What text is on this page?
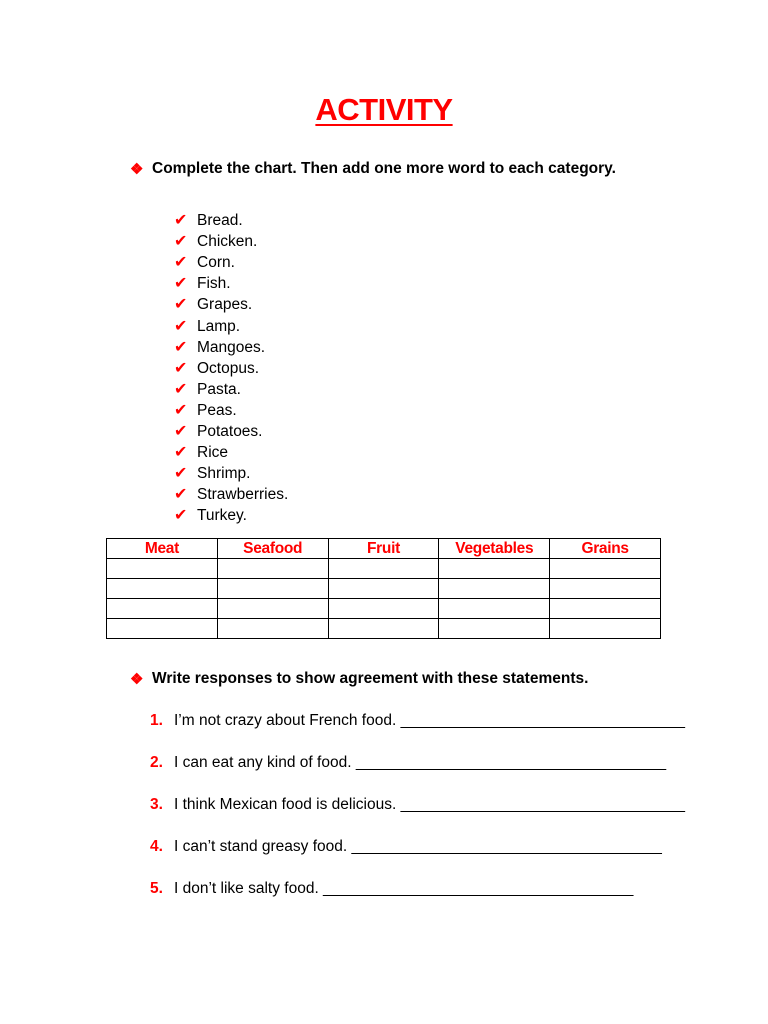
ACTIVITY
❖ Complete the chart. Then add one more word to each category.
✔ Bread.
✔ Chicken.
✔ Corn.
✔ Fish.
✔ Grapes.
✔ Lamp.
✔ Mangoes.
✔ Octopus.
✔ Pasta.
✔ Peas.
✔ Potatoes.
✔ Rice
✔ Shrimp.
✔ Strawberries.
✔ Turkey.
Meat	Seafood	Fruit	Vegetables	Grains

❖ Write responses to show agreement with these statements.
1. I’m not crazy about French food. _________________________________
2. I can eat any kind of food. ____________________________________
3. I think Mexican food is delicious. _________________________________
4. I can’t stand greasy food. ____________________________________
5. I don’t like salty food. ____________________________________
